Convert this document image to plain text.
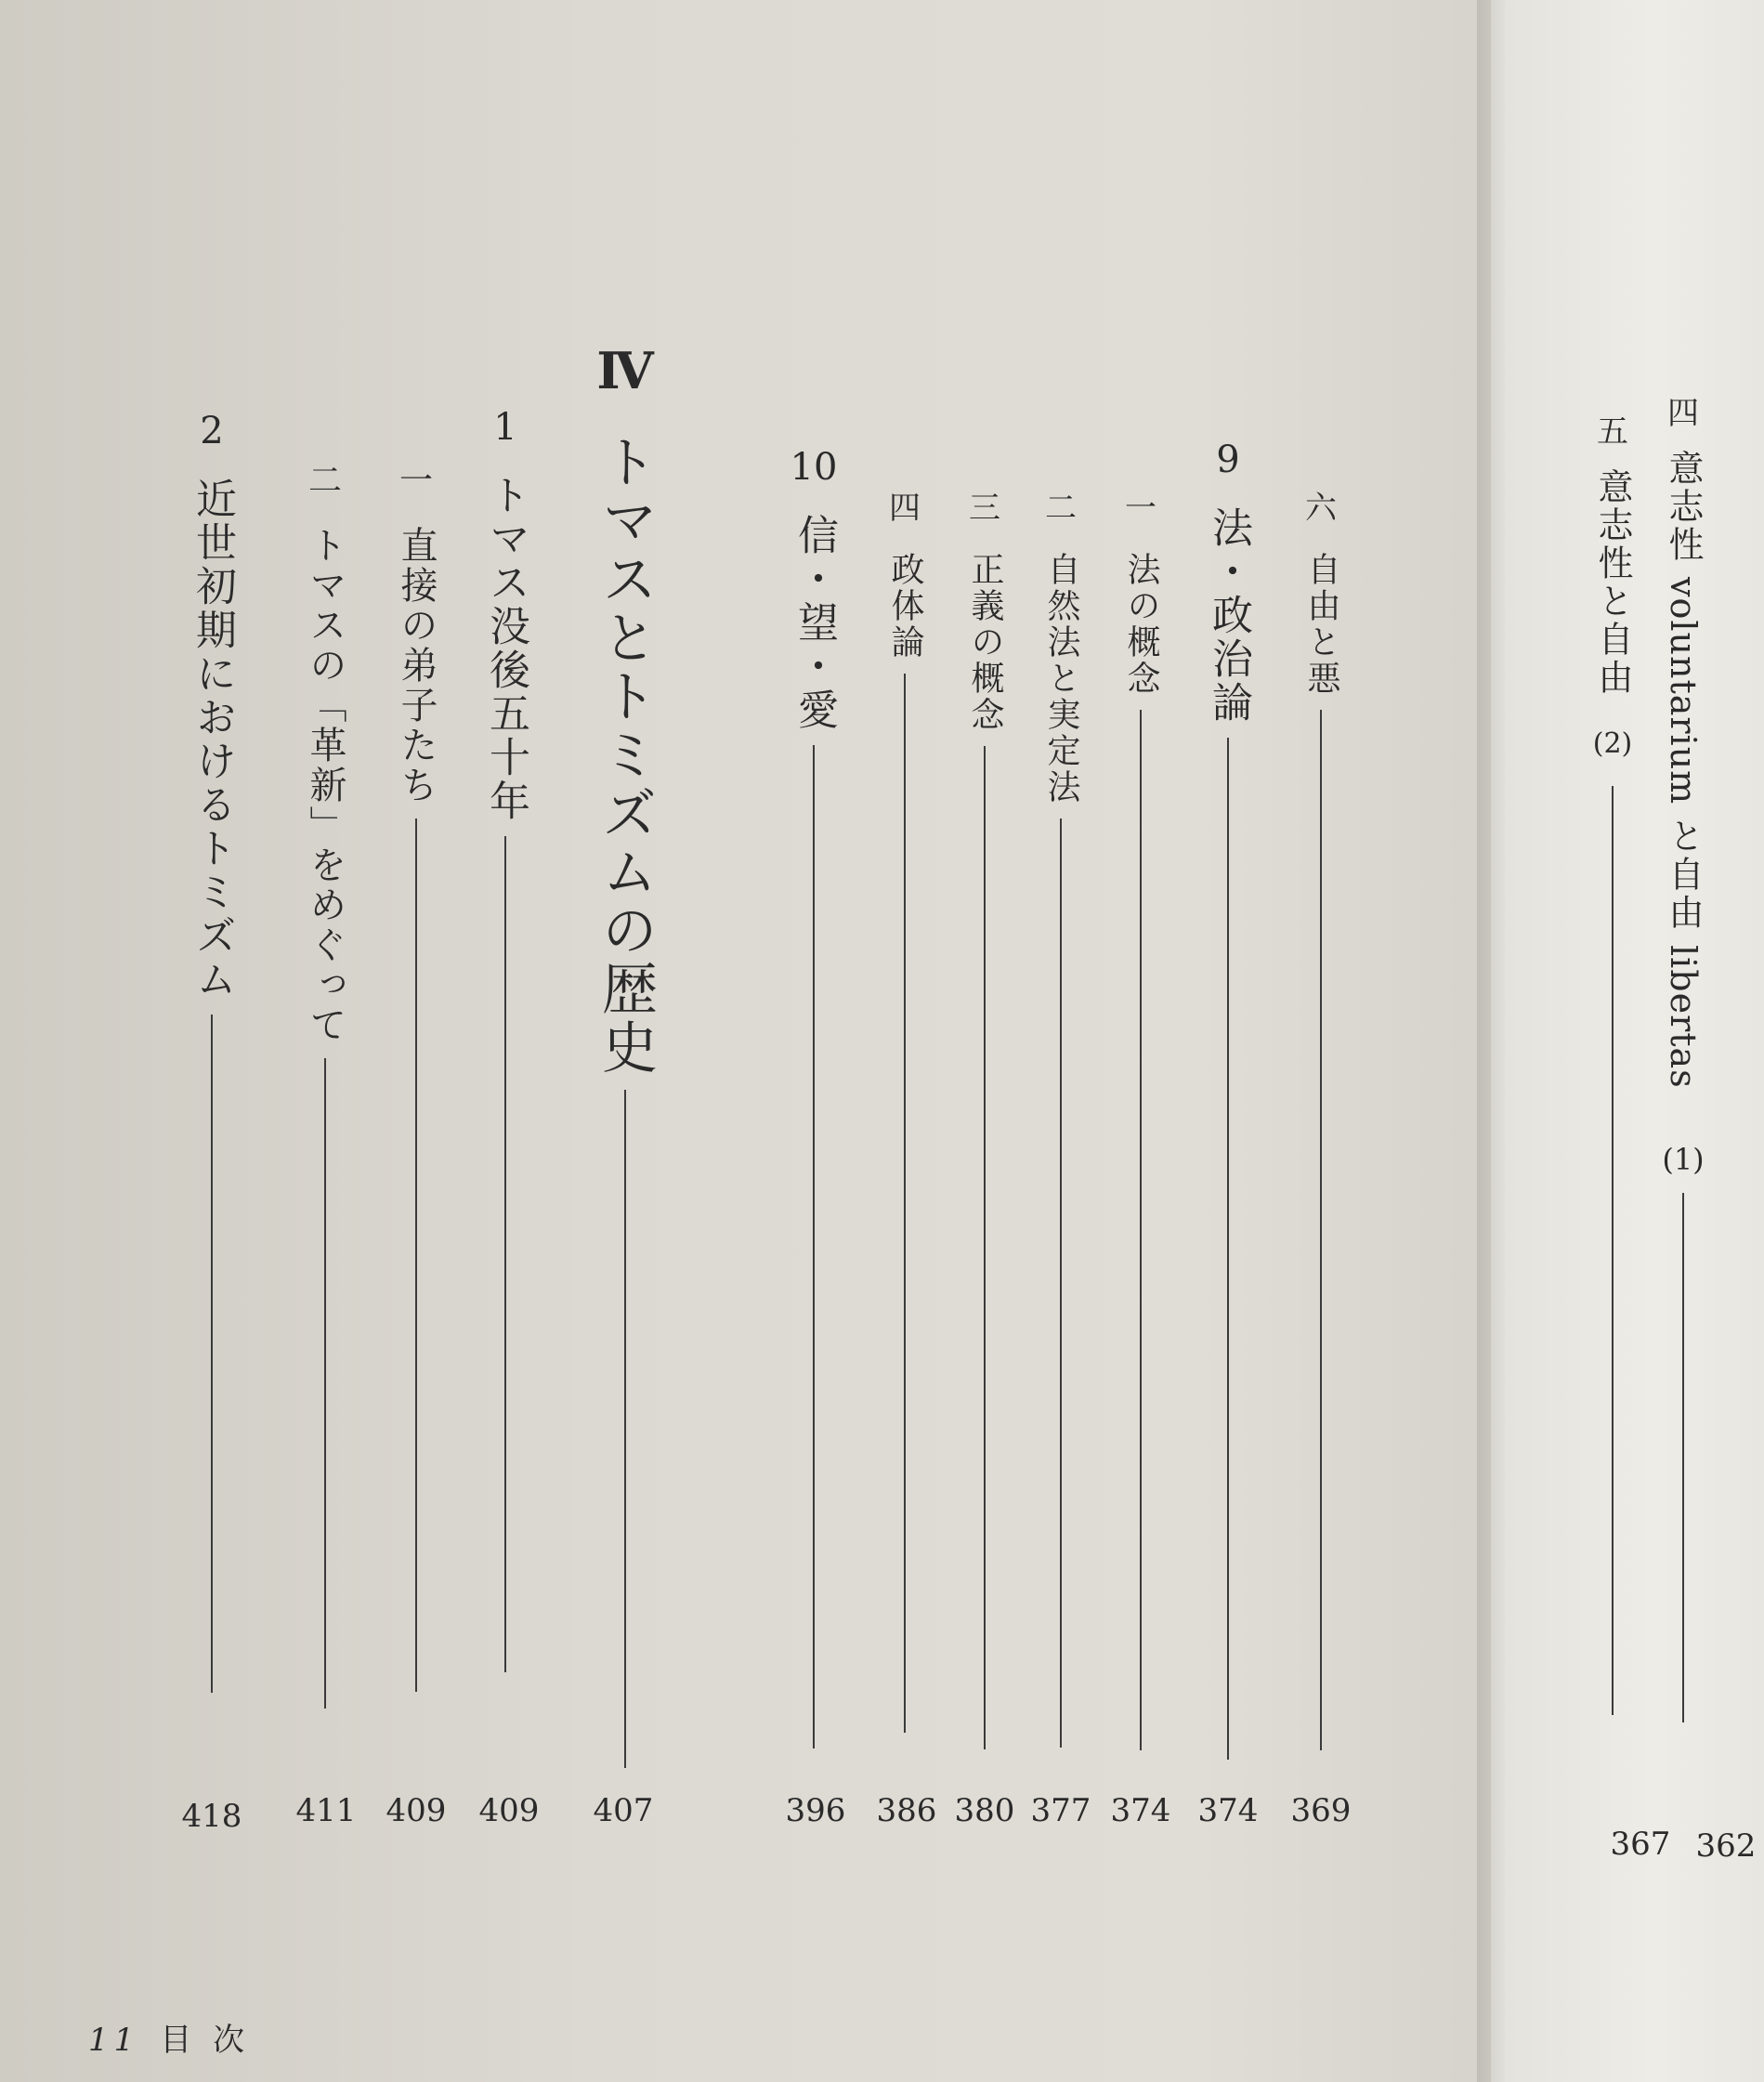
六
自由と悪
9
法・政治論
一
法の概念
二
自然法と実定法
三
正義の概念
四
政体論
10
信・望・愛
Ⅳ
トマスとトミズムの歴史
1
トマス没後五十年
一
直接の弟子たち
二
トマスの「革新」をめぐって
2
近世初期におけるトミズム
四
意志性
voluntarium
と自由
libertas
(1)
五
意志性と自由
(2)
369
374
374
377
380
386
396
407
409
409
411
418
362
367
11 目 次
